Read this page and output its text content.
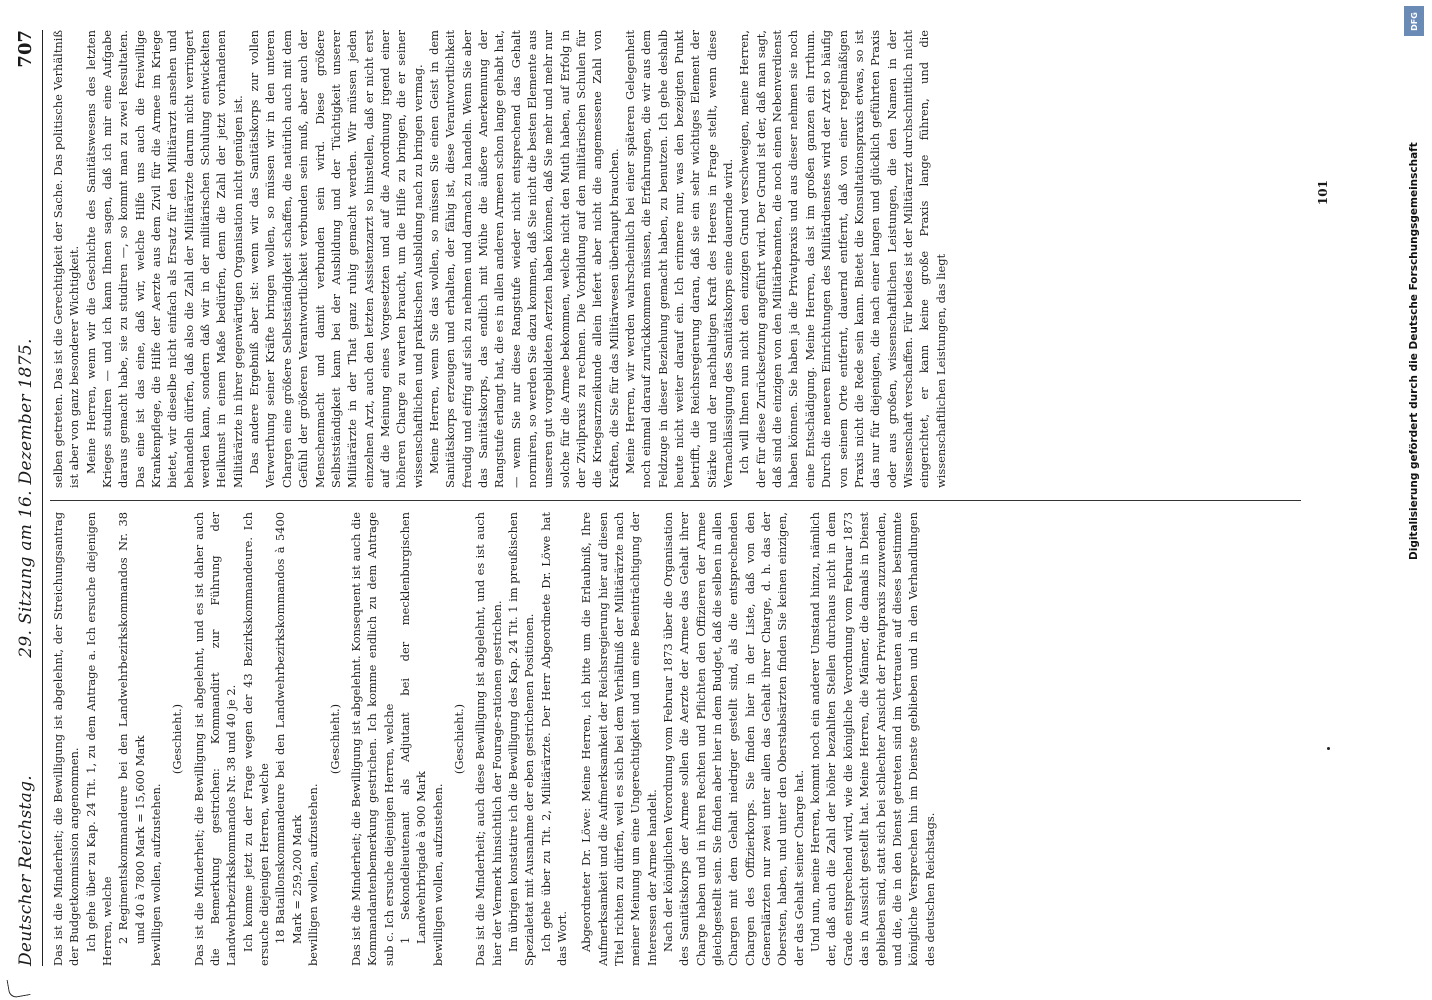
Deutscher Reichstag.
29. Sitzung am 16. Dezember 1875.
707

Das ist die Minderheit; die Bewilligung ist abgelehnt, der Streichungsantrag der Budgetkommission angenommen. Ich gehe über zu Kap. 24 Tit. 1, zu dem Antrage a. Ich ersuche diejenigen Herren, welche 2 Regimentskommandeure bei den Landwehrbezirkskommandos Nr. 38 und 40 à 7800 Mark = 15,600 Mark bewilligen wollen, aufzustehen.

(Geschieht.) Das ist die Minderheit; die Bewilligung ist abgelehnt, und es ist daher auch die Bemerkung gestrichen: Kommandirt zur Führung der Landwehrbezirkskommandos Nr. 38 und 40 je 2. Ich komme jetzt zu der Frage wegen der 43 Bezirkskommandeure. Ich ersuche diejenigen Herren, welche 18 Bataillonskommandeure bei den Landwehrbezirkskommandos à 5400 Mark = 259,200 Mark bewilligen wollen, aufzustehen.

(Geschieht.) Das ist die Minderheit; die Bewilligung ist abgelehnt. Konsequent ist auch die Kommandantenbemerkung gestrichen. Ich komme endlich zu dem Antrage sub c. Ich ersuche diejenigen Herren, welche 1 Sekondelieutenant als Adjutant bei der mecklenburgischen Landwehrbrigade à 900 Mark bewilligen wollen, aufzustehen.

(Geschieht.) Das ist die Minderheit; auch diese Bewilligung ist abgelehnt, und es ist auch hier der Vermerk hinsichtlich der Fourage-rationen gestrichen. Im übrigen konstatire ich die Bewilligung des Kap. 24 Tit. 1 im preußischen Spezialetat mit Ausnahme der eben gestrichenen Positionen. Ich gehe über zu Tit. 2, Militärärzte. Der Herr Abgeordnete Dr. Löwe hat das Wort. Abgeordneter Dr. Löwe: Meine Herren, ich bitte um die Erlaubniß, Ihre Aufmerksamkeit und die Aufmerksamkeit der Reichsregierung hier auf diesen Titel richten zu dürfen, weil es sich bei dem Verhältniß der Militärärzte nach meiner Meinung um eine Ungerechtigkeit und um eine Beeinträchtigung der Interessen der Armee handelt. Nach der königlichen Verordnung vom Februar 1873 über die Organisation des Sanitätskorps der Armee sollen die Aerzte der Armee das Gehalt ihrer Charge haben und in ihren Rechten und Pflichten den Offizieren der Armee gleichgestellt sein. Sie finden aber hier in dem Budget, daß die selben in allen Chargen mit dem Gehalt niedriger gestellt sind, als die entsprechenden Chargen des Offizierkorps. Sie finden hier in der Liste, daß von den Generalärzten nur zwei unter allen das Gehalt ihrer Charge, d. h. das der Obersten, haben, und unter den Oberstabsärzten finden Sie keinen einzigen, der das Gehalt seiner Charge hat. Und nun, meine Herren, kommt noch ein anderer Umstand hinzu, nämlich der, daß auch die Zahl der höher bezahlten Stellen durchaus nicht in dem Grade entsprechend wird, wie die königliche Verordnung vom Februar 1873 das in Aussicht gestellt hat. Meine Herren, die Männer, die damals in Dienst geblieben sind, statt sich bei schlechter Ansicht der Privatpraxis zuzuwenden, und die, die in den Dienst getreten sind im Vertrauen auf dieses bestimmte königliche Versprechen hin im Dienste geblieben und in den Verhandlungen des deutschen Reichstags.

selben getreten. Das ist die Gerechtigkeit der Sache. Das politische Verhältniß ist aber von ganz besonderer Wichtigkeit. Meine Herren, wenn wir die Geschichte des Sanitätswesens des letzten Krieges studiren — und ich kann Ihnen sagen, daß ich mir eine Aufgabe daraus gemacht habe, sie zu studiren —, so kommt man zu zwei Resultaten. Das eine ist das eine, daß wir, welche Hilfe uns auch die freiwillige Krankenpflege, die Hilfe der Aerzte aus dem Zivil für die Armee im Kriege bietet, wir dieselbe nicht einfach als Ersatz für den Militärarzt ansehen und behandeln dürfen, daß also die Zahl der Militärärzte darum nicht verringert werden kann, sondern daß wir in der militärischen Schulung entwickelten Heilkunst in einem Maße bedürfen, denn die Zahl der jetzt vorhandenen Militärärzte in ihrer gegenwärtigen Organisation nicht genügen ist. Das andere Ergebniß aber ist: wenn wir das Sanitätskorps zur vollen Verwerthung seiner Kräfte bringen wollen, so müssen wir in den unteren Chargen eine größere Selbstständigkeit schaffen, die natürlich auch mit dem Gefühl der größeren Verantwortlichkeit verbunden sein muß, aber auch der Menschenmacht und damit verbunden sein wird. Diese größere Selbstständigkeit kann bei der Ausbildung und der Tüchtigkeit unserer Militärärzte in der That ganz ruhig gemacht werden. Wir müssen jeden einzelnen Arzt, auch den letzten Assistenzarzt so hinstellen, daß er nicht erst auf die Meinung eines Vorgesetzten und auf die Anordnung irgend einer höheren Charge zu warten braucht, um die Hilfe zu bringen, die er seiner wissenschaftlichen und praktischen Ausbildung nach zu bringen vermag. Meine Herren, wenn Sie das wollen, so müssen Sie einen Geist in dem Sanitätskorps erzeugen und erhalten, der fähig ist, diese Verantwortlichkeit freudig und eifrig auf sich zu nehmen und darnach zu handeln. Wenn Sie aber das Sanitätskorps, das endlich mit Mühe die äußere Anerkennung der Rangstufe erlangt hat, die es in allen anderen Armeen schon lange gehabt hat, — wenn Sie nur diese Rangstufe wieder nicht entsprechend das Gehalt normiren, so werden Sie dazu kommen, daß Sie nicht die besten Elemente aus unseren gut vorgebildeten Aerzten haben können, daß Sie mehr und mehr nur solche für die Armee bekommen, welche nicht den Muth haben, auf Erfolg in der Zivilpraxis zu rechnen. Die Vorbildung auf den militärischen Schulen für die Kriegsarzneikunde allein liefert aber nicht die angemessene Zahl von Kräften, die Sie für das Militärwesen überhaupt brauchen. Meine Herren, wir werden wahrscheinlich bei einer späteren Gelegenheit noch einmal darauf zurückkommen müssen, die Erfahrungen, die wir aus dem Feldzuge in dieser Beziehung gemacht haben, zu benutzen. Ich gehe deshalb heute nicht weiter darauf ein. Ich erinnere nur, was den bezeigten Punkt betrifft, die Reichsregierung daran, daß sie ein sehr wichtiges Element der Stärke und der nachhaltigen Kraft des Heeres in Frage stellt, wenn diese Vernachlässigung des Sanitätskorps eine dauernde wird. Ich will Ihnen nun nicht den einzigen Grund verschweigen, meine Herren, der für diese Zurücksetzung angeführt wird. Der Grund ist der, daß man sagt, daß sind die einzigen von den Militärbeamten, die noch einen Nebenverdienst haben können. Sie haben ja die Privatpraxis und aus dieser nehmen sie noch eine Entschädigung. Meine Herren, das ist im großen ganzen ein Irrthum. Durch die neueren Einrichtungen des Militärdienstes wird der Arzt so häufig von seinem Orte entfernt, dauernd entfernt, daß von einer regelmäßigen Praxis nicht die Rede sein kann. Bietet die Konsultationspraxis etwas, so ist das nur für diejenigen, die nach einer langen und glücklich geführten Praxis oder aus großen, wissenschaftlichen Leistungen, die den Namen in der Wissenschaft verschaffen. Für beides ist der Militärarzt durchschnittlich nicht eingerichtet, er kann keine große Praxis lange führen, und die wissenschaftlichen Leistungen, das liegt

101
DFG
Digitalisierung gefördert durch die Deutsche Forschungsgemeinschaft
